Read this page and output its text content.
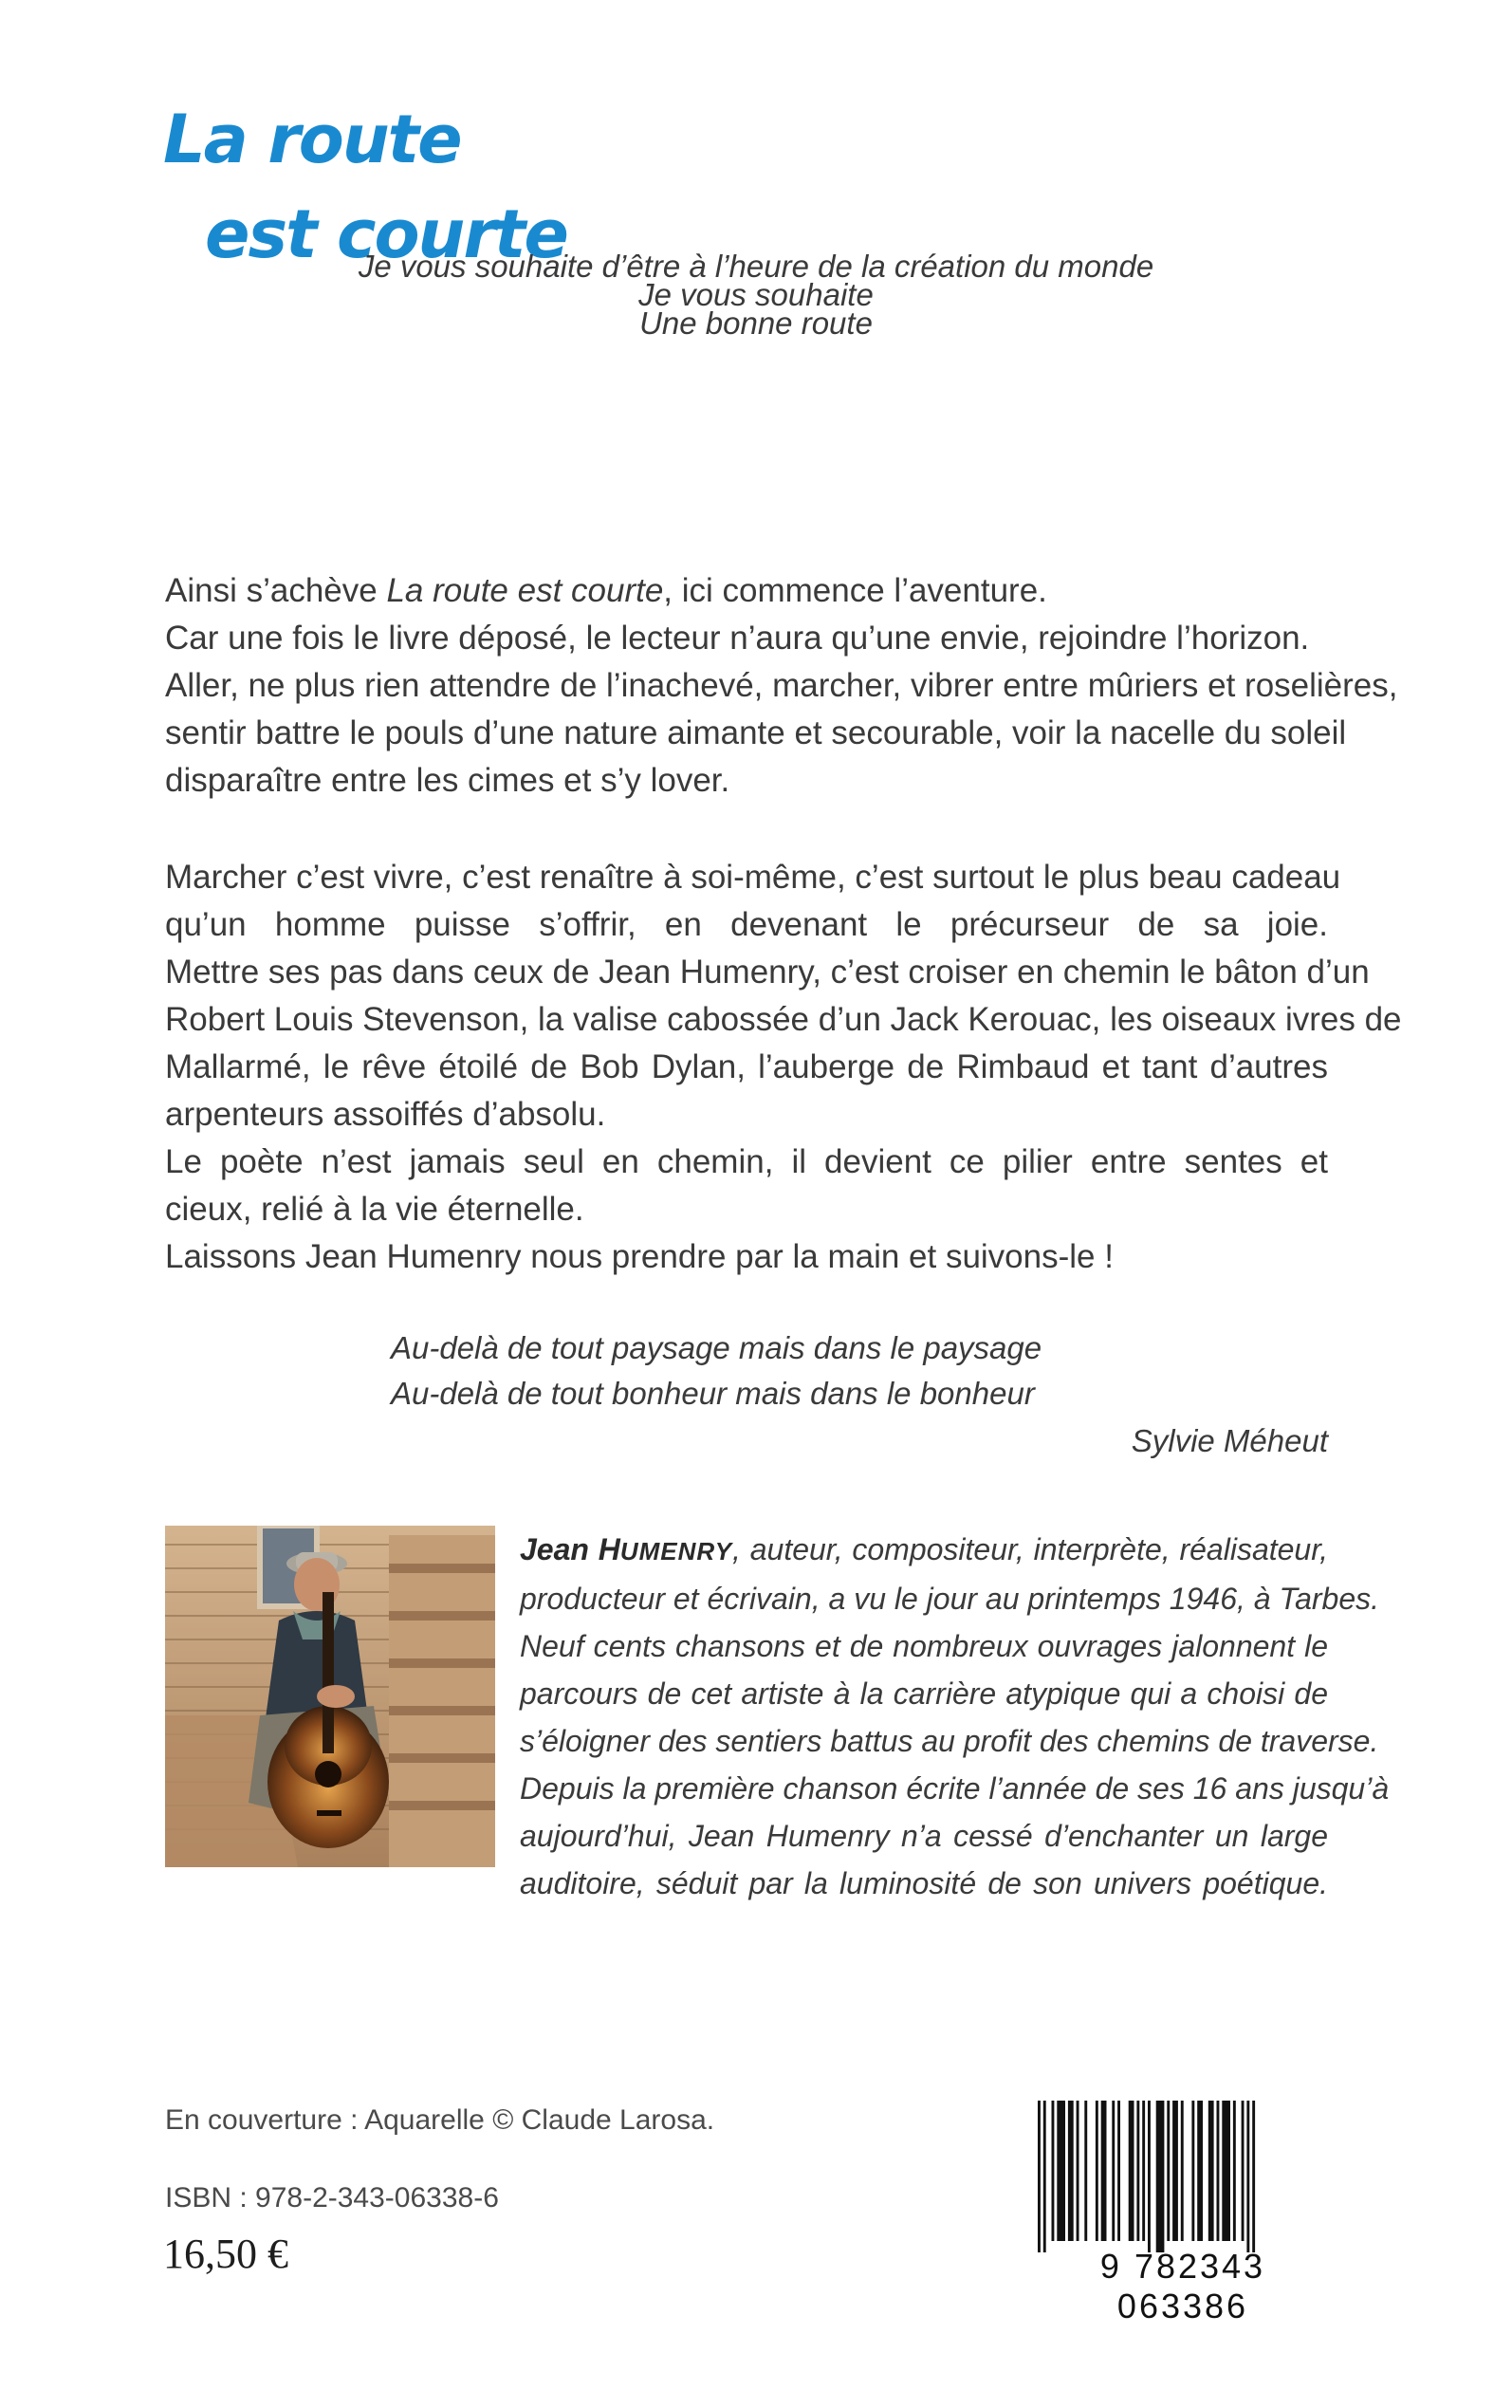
La route
est courte

Je vous souhaite d’être à l’heure de la création du monde

Je vous souhaite

Une bonne route

Ainsi s’achève La route est courte, ici commence l’aventure.
Car une fois le livre déposé, le lecteur n’aura qu’une envie, rejoindre l’horizon.
Aller, ne plus rien attendre de l’inachevé, marcher, vibrer entre mûriers et roselières,
sentir battre le pouls d’une nature aimante et secourable, voir la nacelle du soleil
disparaître entre les cimes et s’y lover.
Marcher c’est vivre, c’est renaître à soi-même, c’est surtout le plus beau cadeau
qu’un homme puisse s’offrir, en devenant le précurseur de sa joie.
Mettre ses pas dans ceux de Jean Humenry, c’est croiser en chemin le bâton d’un
Robert Louis Stevenson, la valise cabossée d’un Jack Kerouac, les oiseaux ivres de
Mallarmé, le rêve étoilé de Bob Dylan, l’auberge de Rimbaud et tant d’autres
arpenteurs assoiffés d’absolu.
Le poète n’est jamais seul en chemin, il devient ce pilier entre sentes et
cieux, relié à la vie éternelle.
Laissons Jean Humenry nous prendre par la main et suivons-le !

Au-delà de tout paysage mais dans le paysage

Au-delà de tout bonheur mais dans le bonheur

Sylvie Méheut

Jean HUMENRY, auteur, compositeur, interprète, réalisateur,
producteur et écrivain, a vu le jour au printemps 1946, à Tarbes.
Neuf cents chansons et de nombreux ouvrages jalonnent le
parcours de cet artiste à la carrière atypique qui a choisi de
s’éloigner des sentiers battus au profit des chemins de traverse.
Depuis la première chanson écrite l’année de ses 16 ans jusqu’à
aujourd’hui, Jean Humenry n’a cessé d’enchanter un large
auditoire, séduit par la luminosité de son univers poétique.

En couverture : Aquarelle © Claude Larosa.

ISBN : 978-2-343-06338-6

16,50 €	9 782343 063386
